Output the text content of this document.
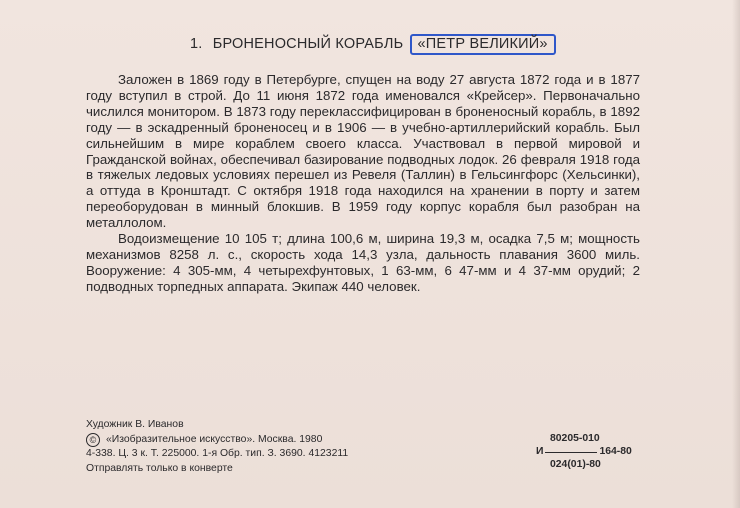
1. БРОНЕНОСНЫЙ КОРАБЛЬ «ПЕТР ВЕЛИКИЙ»

Заложен в 1869 году в Петербурге, спущен на воду 27 августа 1872 года и в 1877 году вступил в строй. До 11 июня 1872 года именовался «Крейсер». Первоначально числился монитором. В 1873 году переклассифицирован в броненосный корабль, в 1892 году — в эскадренный броненосец и в 1906 — в учебно-артиллерийский корабль. Был сильнейшим в мире кораблем своего класса. Участвовал в первой мировой и Гражданской войнах, обеспечивал базирование подводных лодок. 26 февраля 1918 года в тяжелых ледовых условиях перешел из Ревеля (Таллин) в Гельсингфорс (Хельсинки), а оттуда в Кронштадт. С октября 1918 года находился на хранении в порту и затем переоборудован в минный блокшив. В 1959 году корпус корабля был разобран на металлолом.

Водоизмещение 10 105 т; длина 100,6 м, ширина 19,3 м, осадка 7,5 м; мощность механизмов 8258 л. с., скорость хода 14,3 узла, дальность плавания 3600 миль. Вооружение: 4 305-мм, 4 четырехфунтовых, 1 63-мм, 6 47-мм и 4 37-мм орудий; 2 подводных торпедных аппарата. Экипаж 440 человек.

Художник В. Иванов
© «Изобразительное искусство». Москва. 1980
4-338. Ц. 3 к. Т. 225000. 1-я Обр. тип. З. 3690. 4123211
Отправлять только в конверте
80205-010
И	164-80
024(01)-80
